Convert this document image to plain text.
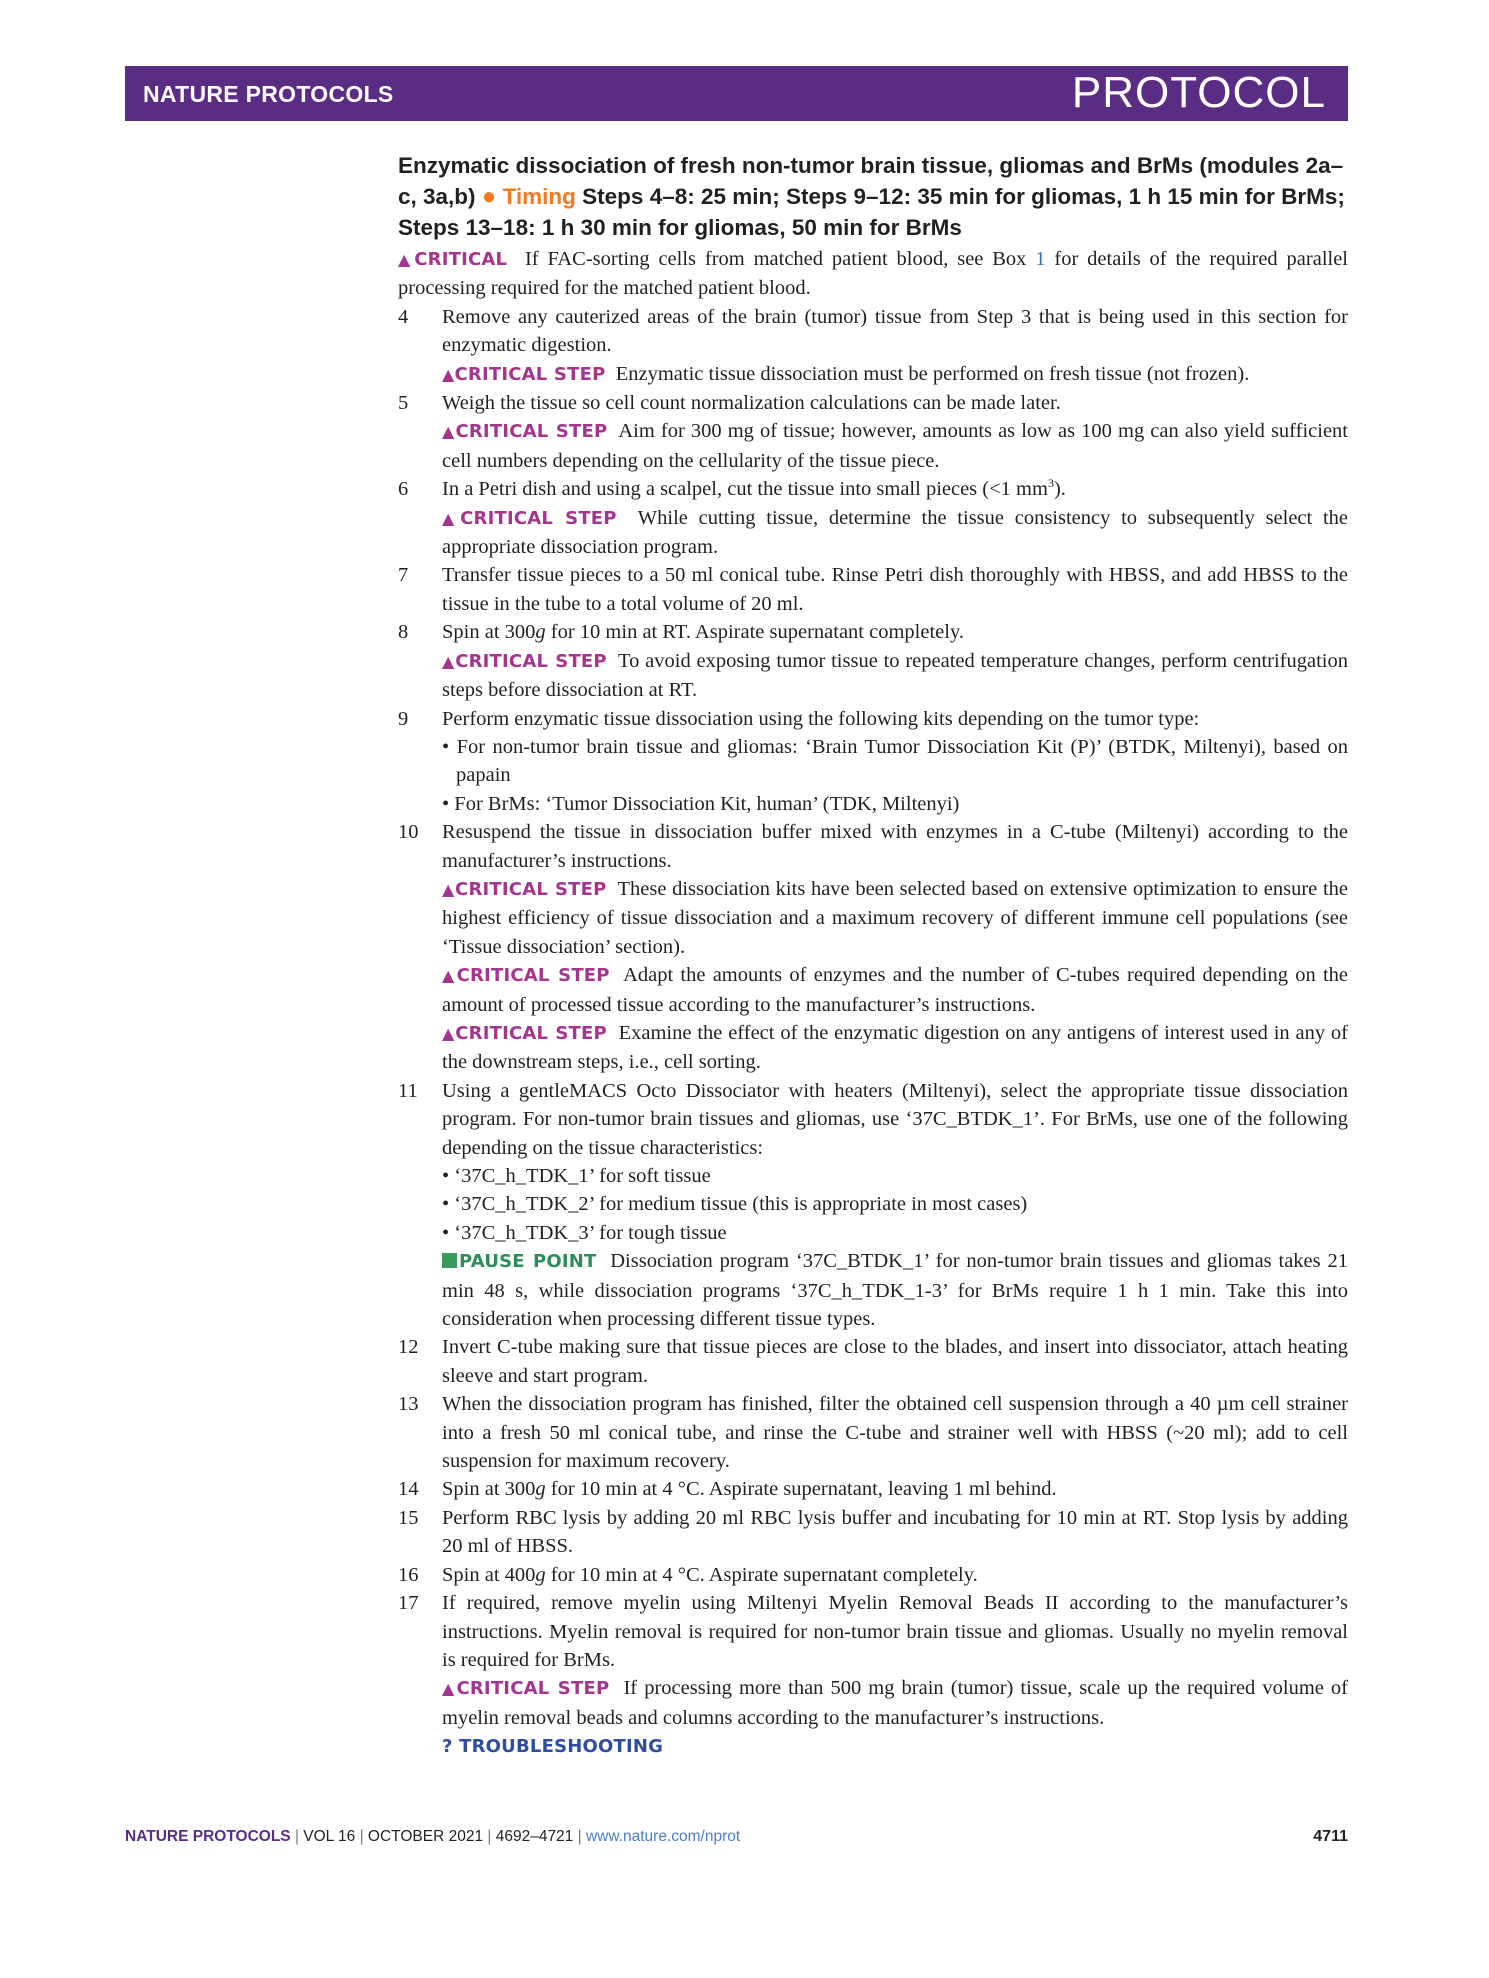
NATURE PROTOCOLS	PROTOCOL
Enzymatic dissociation of fresh non-tumor brain tissue, gliomas and BrMs (modules 2a–c, 3a,b) ● Timing Steps 4–8: 25 min; Steps 9–12: 35 min for gliomas, 1 h 15 min for BrMs; Steps 13–18: 1 h 30 min for gliomas, 50 min for BrMs

▲CRITICAL If FAC-sorting cells from matched patient blood, see Box 1 for details of the required parallel processing required for the matched patient blood.

4 Remove any cauterized areas of the brain (tumor) tissue from Step 3 that is being used in this section for enzymatic digestion.

▲CRITICAL STEP Enzymatic tissue dissociation must be performed on fresh tissue (not frozen).

5 Weigh the tissue so cell count normalization calculations can be made later.

▲CRITICAL STEP Aim for 300 mg of tissue; however, amounts as low as 100 mg can also yield sufficient cell numbers depending on the cellularity of the tissue piece.

6 In a Petri dish and using a scalpel, cut the tissue into small pieces (<1 $mm^3$).

▲CRITICAL STEP While cutting tissue, determine the tissue consistency to subsequently select the appropriate dissociation program.

7 Transfer tissue pieces to a 50 ml conical tube. Rinse Petri dish thoroughly with HBSS, and add HBSS to the tissue in the tube to a total volume of 20 ml.

8 Spin at 300g for 10 min at RT. Aspirate supernatant completely.

▲CRITICAL STEP To avoid exposing tumor tissue to repeated temperature changes, perform centrifugation steps before dissociation at RT.

9 Perform enzymatic tissue dissociation using the following kits depending on the tumor type:

• For non-tumor brain tissue and gliomas: ‘Brain Tumor Dissociation Kit (P)’ (BTDK, Miltenyi), based on papain

• For BrMs: ‘Tumor Dissociation Kit, human’ (TDK, Miltenyi)

10 Resuspend the tissue in dissociation buffer mixed with enzymes in a C-tube (Miltenyi) according to the manufacturer’s instructions.

▲CRITICAL STEP These dissociation kits have been selected based on extensive optimization to ensure the highest efficiency of tissue dissociation and a maximum recovery of different immune cell populations (see ‘Tissue dissociation’ section).

▲CRITICAL STEP Adapt the amounts of enzymes and the number of C-tubes required depending on the amount of processed tissue according to the manufacturer’s instructions.

▲CRITICAL STEP Examine the effect of the enzymatic digestion on any antigens of interest used in any of the downstream steps, i.e., cell sorting.

11 Using a gentleMACS Octo Dissociator with heaters (Miltenyi), select the appropriate tissue dissociation program. For non-tumor brain tissues and gliomas, use ‘37C_BTDK_1’. For BrMs, use one of the following depending on the tissue characteristics:

• ‘37C_h_TDK_1’ for soft tissue

• ‘37C_h_TDK_2’ for medium tissue (this is appropriate in most cases)

• ‘37C_h_TDK_3’ for tough tissue

PAUSE POINT Dissociation program ‘37C_BTDK_1’ for non-tumor brain tissues and gliomas takes 21 min 48 s, while dissociation programs ‘37C_h_TDK_1-3’ for BrMs require 1 h 1 min. Take this into consideration when processing different tissue types.

12 Invert C-tube making sure that tissue pieces are close to the blades, and insert into dissociator, attach heating sleeve and start program.

13 When the dissociation program has finished, filter the obtained cell suspension through a 40 µm cell strainer into a fresh 50 ml conical tube, and rinse the C-tube and strainer well with HBSS (~20 ml); add to cell suspension for maximum recovery.

14 Spin at 300g for 10 min at 4 °C. Aspirate supernatant, leaving 1 ml behind.

15 Perform RBC lysis by adding 20 ml RBC lysis buffer and incubating for 10 min at RT. Stop lysis by adding 20 ml of HBSS.

16 Spin at 400g for 10 min at 4 °C. Aspirate supernatant completely.

17 If required, remove myelin using Miltenyi Myelin Removal Beads II according to the manufacturer’s instructions. Myelin removal is required for non-tumor brain tissue and gliomas. Usually no myelin removal is required for BrMs.

▲CRITICAL STEP If processing more than 500 mg brain (tumor) tissue, scale up the required volume of myelin removal beads and columns according to the manufacturer’s instructions.

? TROUBLESHOOTING

NATURE PROTOCOLS | VOL 16 | OCTOBER 2021 | 4692–4721 | www.nature.com/nprot	4711
